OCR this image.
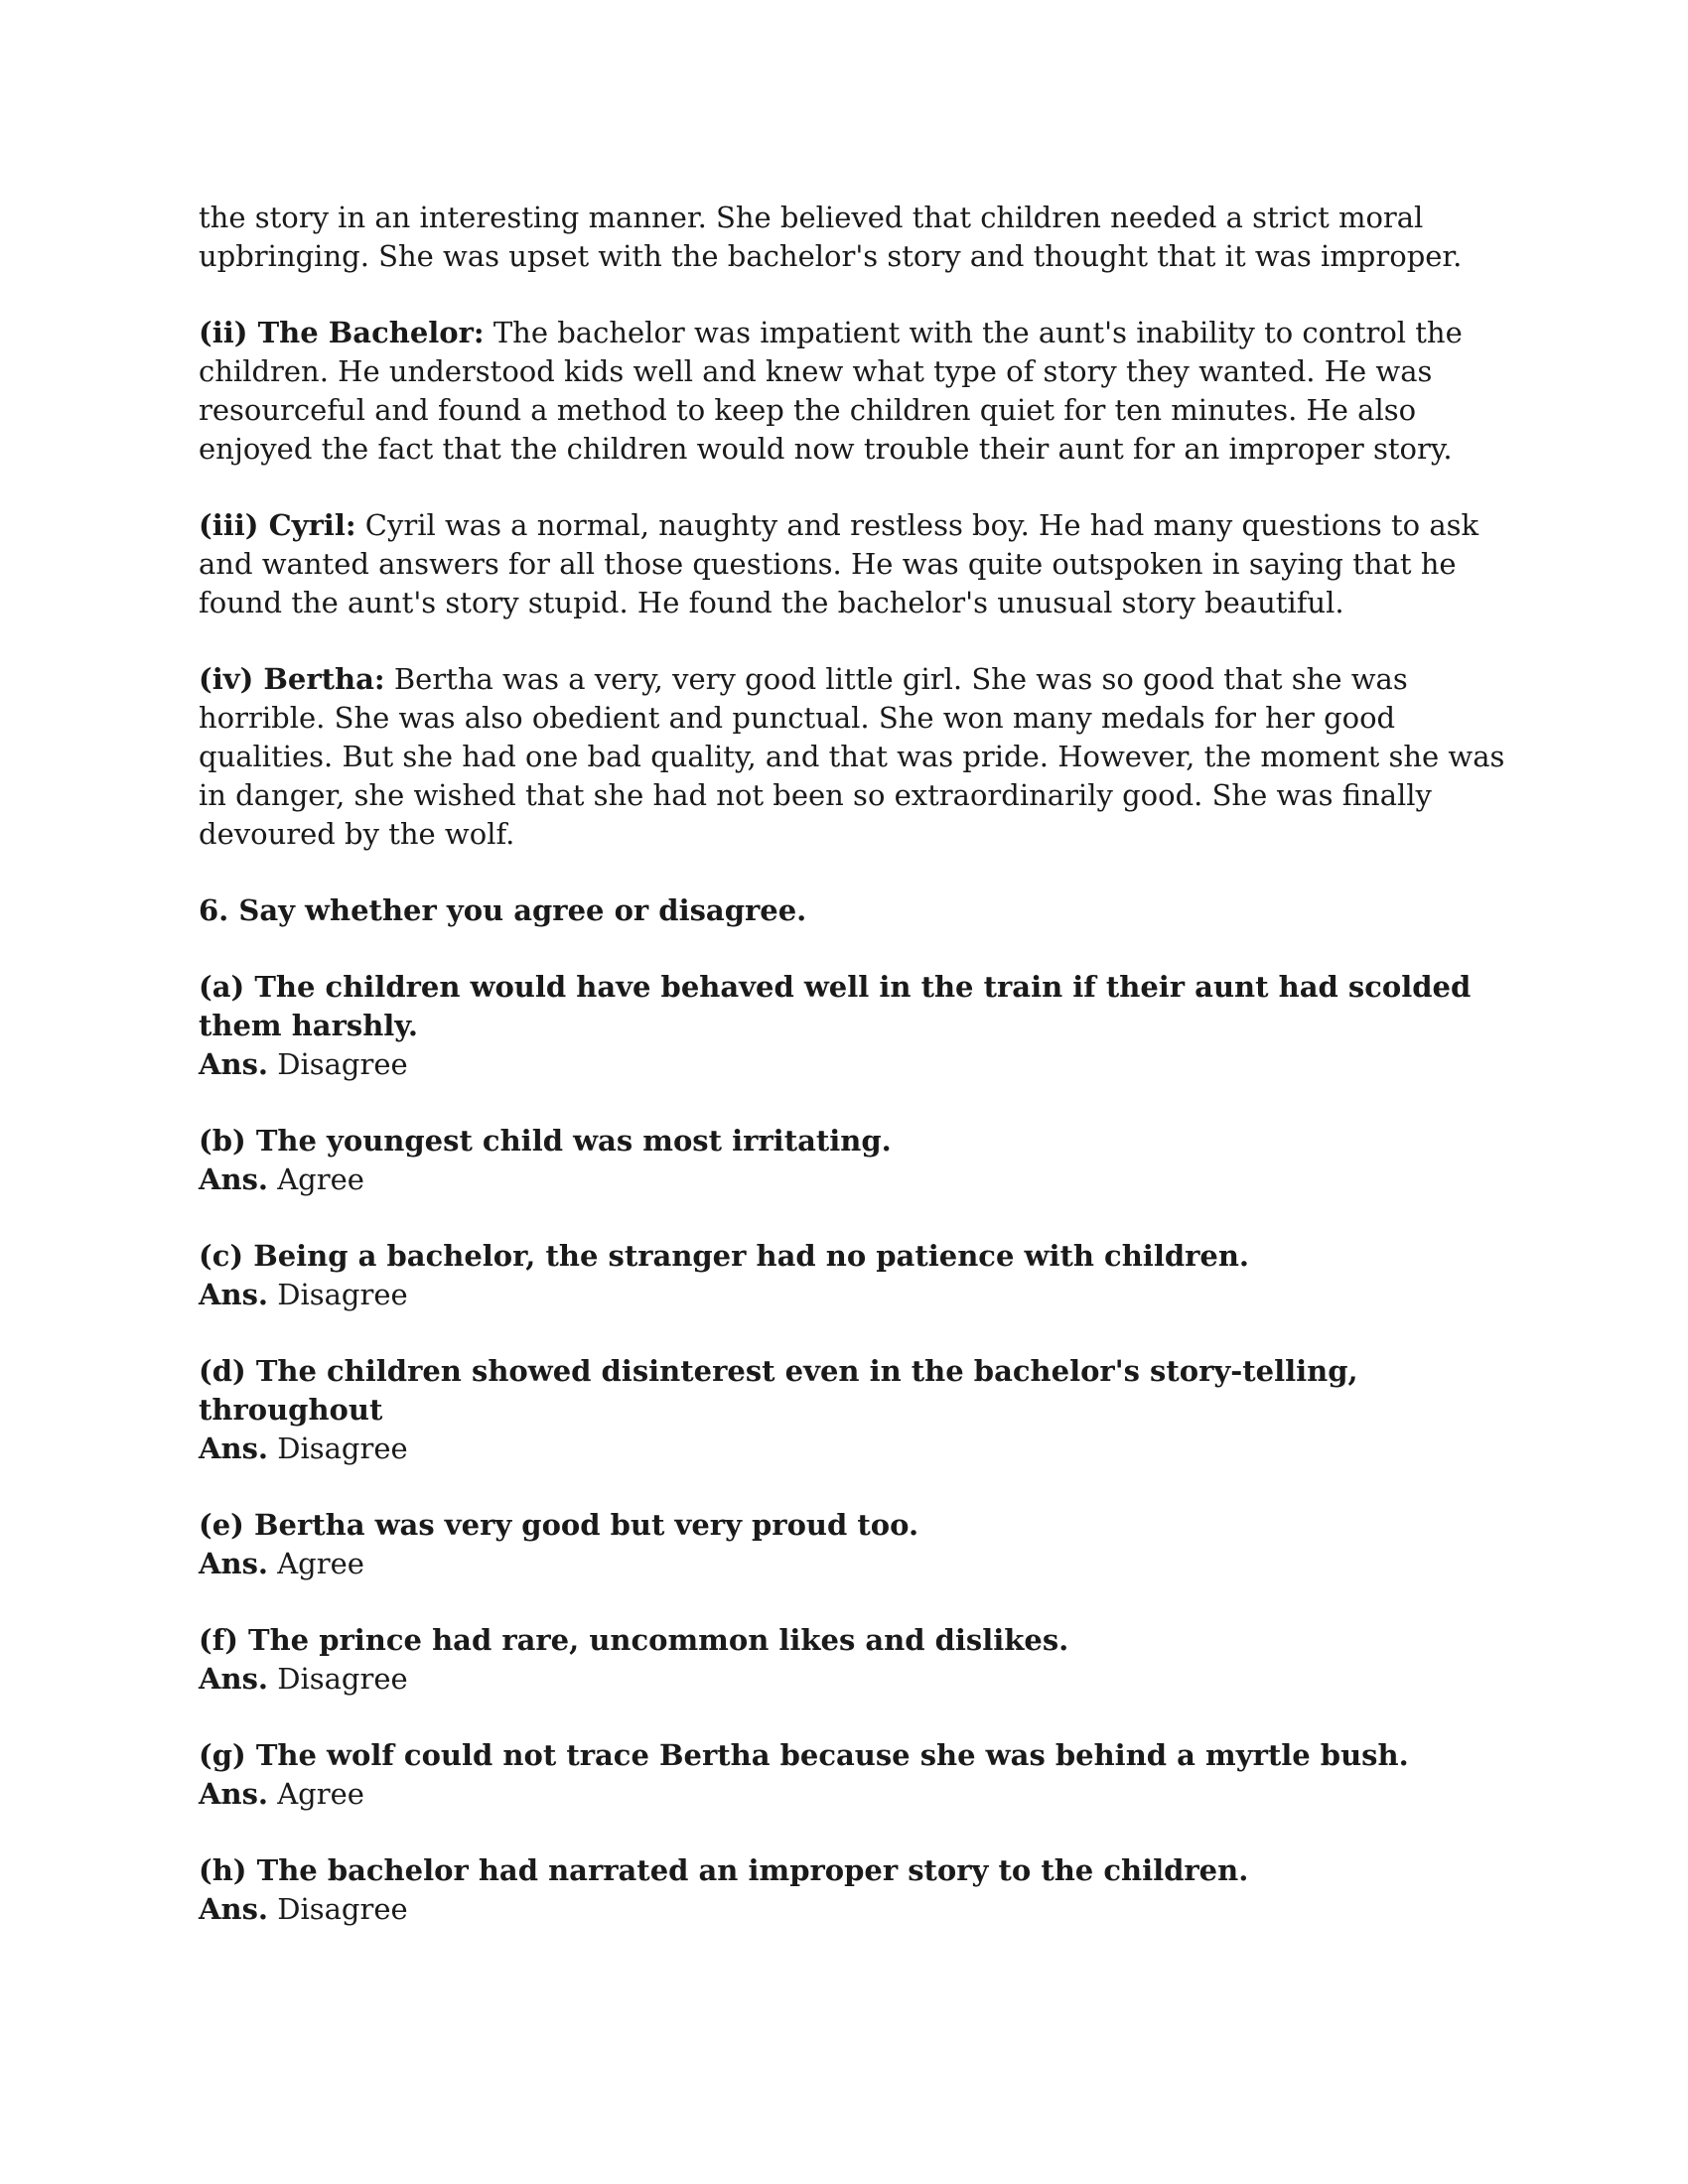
the story in an interesting manner. She believed that children needed a strict moral upbringing. She was upset with the bachelor's story and thought that it was improper.

(ii) The Bachelor: The bachelor was impatient with the aunt's inability to control the children. He understood kids well and knew what type of story they wanted. He was resourceful and found a method to keep the children quiet for ten minutes. He also enjoyed the fact that the children would now trouble their aunt for an improper story.

(iii) Cyril: Cyril was a normal, naughty and restless boy. He had many questions to ask and wanted answers for all those questions. He was quite outspoken in saying that he found the aunt's story stupid. He found the bachelor's unusual story beautiful.

(iv) Bertha: Bertha was a very, very good little girl. She was so good that she was horrible. She was also obedient and punctual. She won many medals for her good qualities. But she had one bad quality, and that was pride. However, the moment she was in danger, she wished that she had not been so extraordinarily good. She was finally devoured by the wolf.

6. Say whether you agree or disagree.

(a) The children would have behaved well in the train if their aunt had scolded them harshly.
Ans. Disagree
(b) The youngest child was most irritating.
Ans. Agree
(c) Being a bachelor, the stranger had no patience with children.
Ans. Disagree
(d) The children showed disinterest even in the bachelor's story-telling, throughout
Ans. Disagree
(e) Bertha was very good but very proud too.
Ans. Agree
(f) The prince had rare, uncommon likes and dislikes.
Ans. Disagree
(g) The wolf could not trace Bertha because she was behind a myrtle bush.
Ans. Agree
(h) The bachelor had narrated an improper story to the children.
Ans. Disagree
